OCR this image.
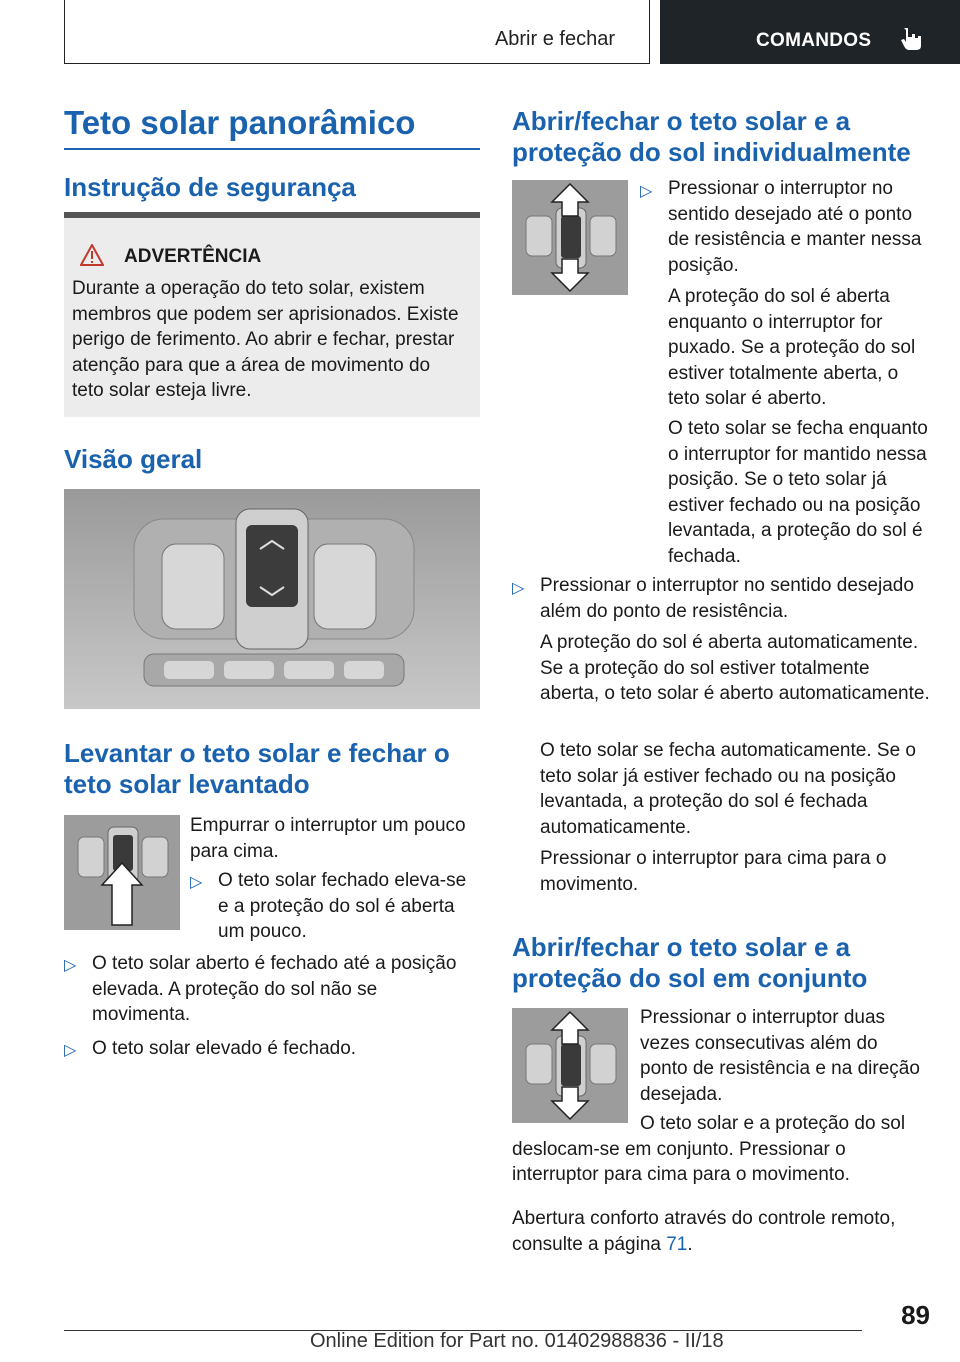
Abrir e fechar	COMANDOS
Teto solar panorâmico
Instrução de segurança
ADVERTÊNCIA
Durante a operação do teto solar, existem membros que podem ser aprisionados. Existe perigo de ferimento. Ao abrir e fechar, prestar atenção para que a área de movimento do teto solar esteja livre.
Visão geral
Levantar o teto solar e fechar o teto solar levantado

Empurrar o interruptor um pouco para cima.

▷ O teto solar fechado eleva-se e a proteção do sol é aberta um pouco.

▷ O teto solar aberto é fechado até a posição elevada. A proteção do sol não se movimenta.

▷ O teto solar elevado é fechado.

Abrir/fechar o teto solar e a proteção do sol individualmente
▷ Pressionar o interruptor no sentido desejado até o ponto de resistência e manter nessa posição.

A proteção do sol é aberta enquanto o interruptor for puxado. Se a proteção do sol estiver totalmente aberta, o teto solar é aberto.

O teto solar se fecha enquanto o interruptor for mantido nessa posição. Se o teto solar já estiver fechado ou na posição levantada, a proteção do sol é fechada.

▷ Pressionar o interruptor no sentido desejado além do ponto de resistência.

A proteção do sol é aberta automaticamente. Se a proteção do sol estiver totalmente aberta, o teto solar é aberto automaticamente.

O teto solar se fecha automaticamente. Se o teto solar já estiver fechado ou na posição levantada, a proteção do sol é fechada automaticamente.

Pressionar o interruptor para cima para o movimento.

Abrir/fechar o teto solar e a proteção do sol em conjunto

Pressionar o interruptor duas vezes consecutivas além do ponto de resistência e na direção desejada.

O teto solar e a proteção do sol deslocam-se em conjunto. Pressionar o interruptor para cima para o movimento.

Abertura conforto através do controle remoto, consulte a página 71.

89
Online Edition for Part no. 01402988836 - II/18
